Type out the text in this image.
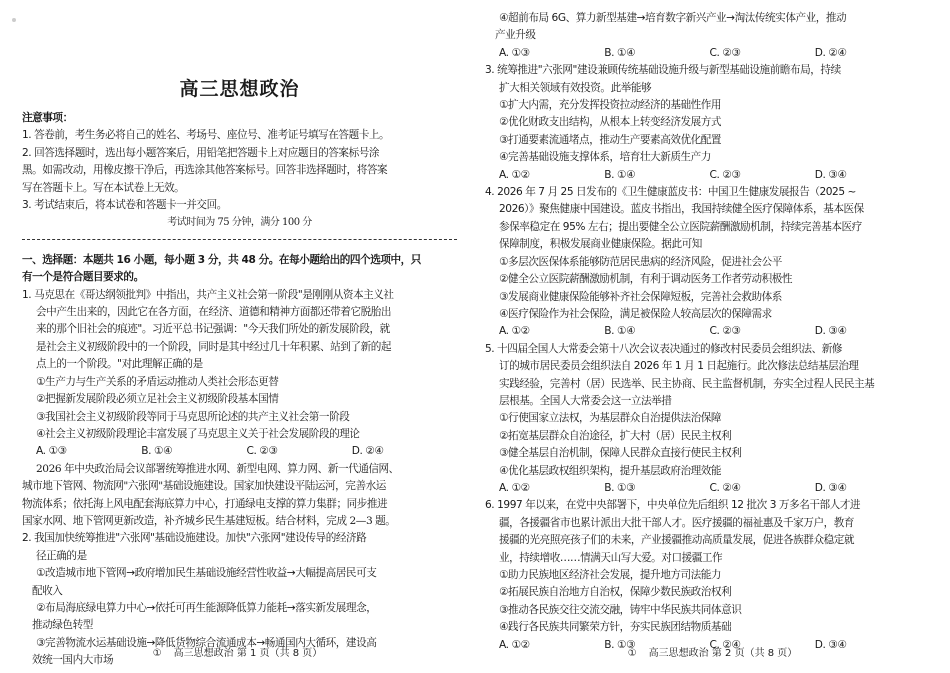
高三思想政治
注意事项：
1. 答卷前，考生务必将自己的姓名、考场号、座位号、准考证号填写在答题卡上。
2. 回答选择题时，选出每小题答案后，用铅笔把答题卡上对应题目的答案标号涂
黑。如需改动，用橡皮擦干净后，再选涂其他答案标号。回答非选择题时，将答案
写在答题卡上。写在本试卷上无效。
3. 考试结束后，将本试卷和答题卡一并交回。
考试时间为 75 分钟，满分 100 分
一、选择题：本题共 16 小题，每小题 3 分，共 48 分。在每小题给出的四个选项中，只
有一个是符合题目要求的。
1. 马克思在《哥达纲领批判》中指出，共产主义社会第一阶段"是刚刚从资本主义社
会中产生出来的，因此它在各方面，在经济、道德和精神方面都还带着它脱胎出
来的那个旧社会的痕迹"。习近平总书记强调："今天我们所处的新发展阶段，就
是社会主义初级阶段中的一个阶段，同时是其中经过几十年积累、站到了新的起
点上的一个阶段。"对此理解正确的是
①生产力与生产关系的矛盾运动推动人类社会形态更替
②把握新发展阶段必须立足社会主义初级阶段基本国情
③我国社会主义初级阶段等同于马克思所论述的共产主义社会第一阶段
④社会主义初级阶段理论丰富发展了马克思主义关于社会发展阶段的理论
A. ①③	B. ①④	C. ②③	D. ②④
2026 年中央政治局会议部署统筹推进水网、新型电网、算力网、新一代通信网、
城市地下管网、物流网"六张网"基础设施建设。国家加快建设平陆运河，完善水运
物流体系；依托海上风电配套海底算力中心，打通绿电支撑的算力集群；同步推进
国家水网、地下管网更新改造，补齐城乡民生基建短板。结合材料，完成 2—3 题。
2. 我国加快统筹推进"六张网"基础设施建设。加快"六张网"建设传导的经济路
径正确的是
①改造城市地下管网→政府增加民生基础设施经营性收益→大幅提高居民可支
配收入
②布局海底绿电算力中心→依托可再生能源降低算力能耗→落实新发展理念，
推动绿色转型
③完善物流水运基础设施→降低货物综合流通成本→畅通国内大循环，建设高
效统一国内大市场
① 高三思想政治 第 1 页（共 8 页）
④超前布局 6G、算力新型基建→培育数字新兴产业→淘汰传统实体产业，推动
产业升级
A. ①③	B. ①④	C. ②③	D. ②④
3. 统筹推进"六张网"建设兼顾传统基础设施升级与新型基础设施前瞻布局，持续
扩大相关领域有效投资。此举能够
①扩大内需，充分发挥投资拉动经济的基础性作用
②优化财政支出结构，从根本上转变经济发展方式
③打通要素流通堵点，推动生产要素高效优化配置
④完善基础设施支撑体系，培育壮大新质生产力
A. ①②	B. ①④	C. ②③	D. ③④
4. 2026 年 7 月 25 日发布的《卫生健康蓝皮书：中国卫生健康发展报告（2025 ~
2026）》聚焦健康中国建设。蓝皮书指出，我国持续健全医疗保障体系，基本医保
参保率稳定在 95% 左右；提出要健全公立医院薪酬激励机制，持续完善基本医疗
保障制度，积极发展商业健康保险。据此可知
①多层次医保体系能够防范居民患病的经济风险，促进社会公平
②健全公立医院薪酬激励机制，有利于调动医务工作者劳动积极性
③发展商业健康保险能够补齐社会保障短板，完善社会救助体系
④医疗保险作为社会保险，满足被保险人较高层次的保障需求
A. ①②	B. ①④	C. ②③	D. ③④
5. 十四届全国人大常委会第十八次会议表决通过的修改村民委员会组织法、新修
订的城市居民委员会组织法自 2026 年 1 月 1 日起施行。此次修法总结基层治理
实践经验，完善村（居）民选举、民主协商、民主监督机制，夯实全过程人民民主基
层根基。全国人大常委会这一立法举措
①行使国家立法权，为基层群众自治提供法治保障
②拓宽基层群众自治途径，扩大村（居）民民主权利
③健全基层自治机制，保障人民群众直接行使民主权利
④优化基层政权组织架构，提升基层政府治理效能
A. ①②	B. ①③	C. ②④	D. ③④
6. 1997 年以来，在党中央部署下，中央单位先后组织 12 批次 3 万多名干部人才进
疆，各援疆省市也累计派出大批干部人才。医疗援疆的福祉惠及千家万户，教育
援疆的光亮照亮孩子们的未来，产业援疆推动高质量发展，促进各族群众稳定就
业，持续增收……情满天山写大爱。对口援疆工作
①助力民族地区经济社会发展，提升地方司法能力
②拓展民族自治地方自治权，保障少数民族政治权利
③推动各民族交往交流交融，铸牢中华民族共同体意识
④践行各民族共同繁荣方针，夯实民族团结物质基础
A. ①②	B. ①③	C. ②④	D. ③④
① 高三思想政治 第 2 页（共 8 页）
